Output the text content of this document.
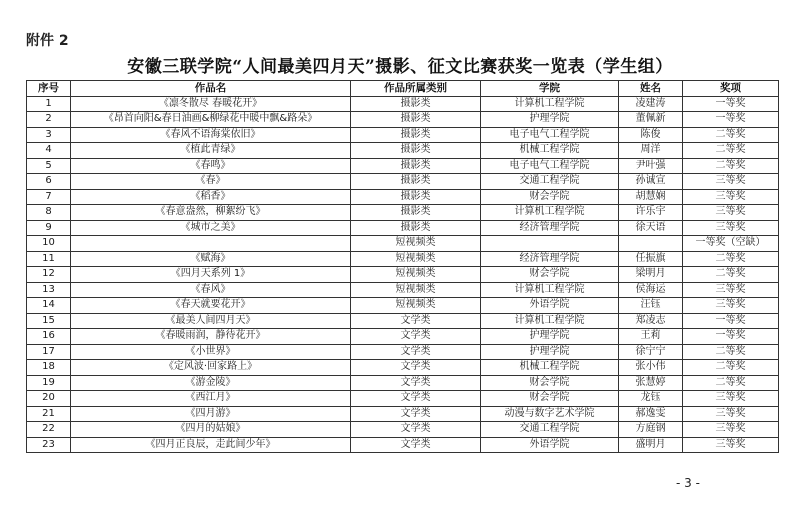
附件 2
安徽三联学院“人间最美四月天”摄影、征文比赛获奖一览表（学生组）
序号	作品名	作品所属类别	学院	姓名	奖项
1	《凛冬散尽 春暖花开》	摄影类	计算机工程学院	凌建涛	一等奖
2	《昂首向阳&春日油画&柳绿花中暖中飘&路朵》	摄影类	护理学院	董佩新	一等奖
3	《春风不语海棠依旧》	摄影类	电子电气工程学院	陈俊	二等奖
4	《植此青绿》	摄影类	机械工程学院	周洋	二等奖
5	《春鸣》	摄影类	电子电气工程学院	尹叶强	二等奖
6	《春》	摄影类	交通工程学院	孙诚宣	三等奖
7	《稻香》	摄影类	财会学院	胡慧娴	三等奖
8	《春意盎然，柳絮纷飞》	摄影类	计算机工程学院	许乐宇	三等奖
9	《城市之美》	摄影类	经济管理学院	徐天语	三等奖
10		短视频类			一等奖（空缺）
11	《赋海》	短视频类	经济管理学院	任振旗	二等奖
12	《四月天系列 1》	短视频类	财会学院	梁明月	二等奖
13	《春风》	短视频类	计算机工程学院	侯海运	三等奖
14	《春天就要花开》	短视频类	外语学院	汪钰	三等奖
15	《最美人间四月天》	文学类	计算机工程学院	郑凌志	一等奖
16	《春暖雨润，静待花开》	文学类	护理学院	王莉	一等奖
17	《小世界》	文学类	护理学院	徐宁宁	二等奖
18	《定风波·回家路上》	文学类	机械工程学院	张小伟	二等奖
19	《游金陵》	文学类	财会学院	张慧婷	二等奖
20	《西江月》	文学类	财会学院	龙钰	三等奖
21	《四月游》	文学类	动漫与数字艺术学院	郝逸雯	三等奖
22	《四月的姑娘》	文学类	交通工程学院	方庭钢	三等奖
23	《四月正良辰，走此间少年》	文学类	外语学院	盛明月	三等奖
- 3 -
